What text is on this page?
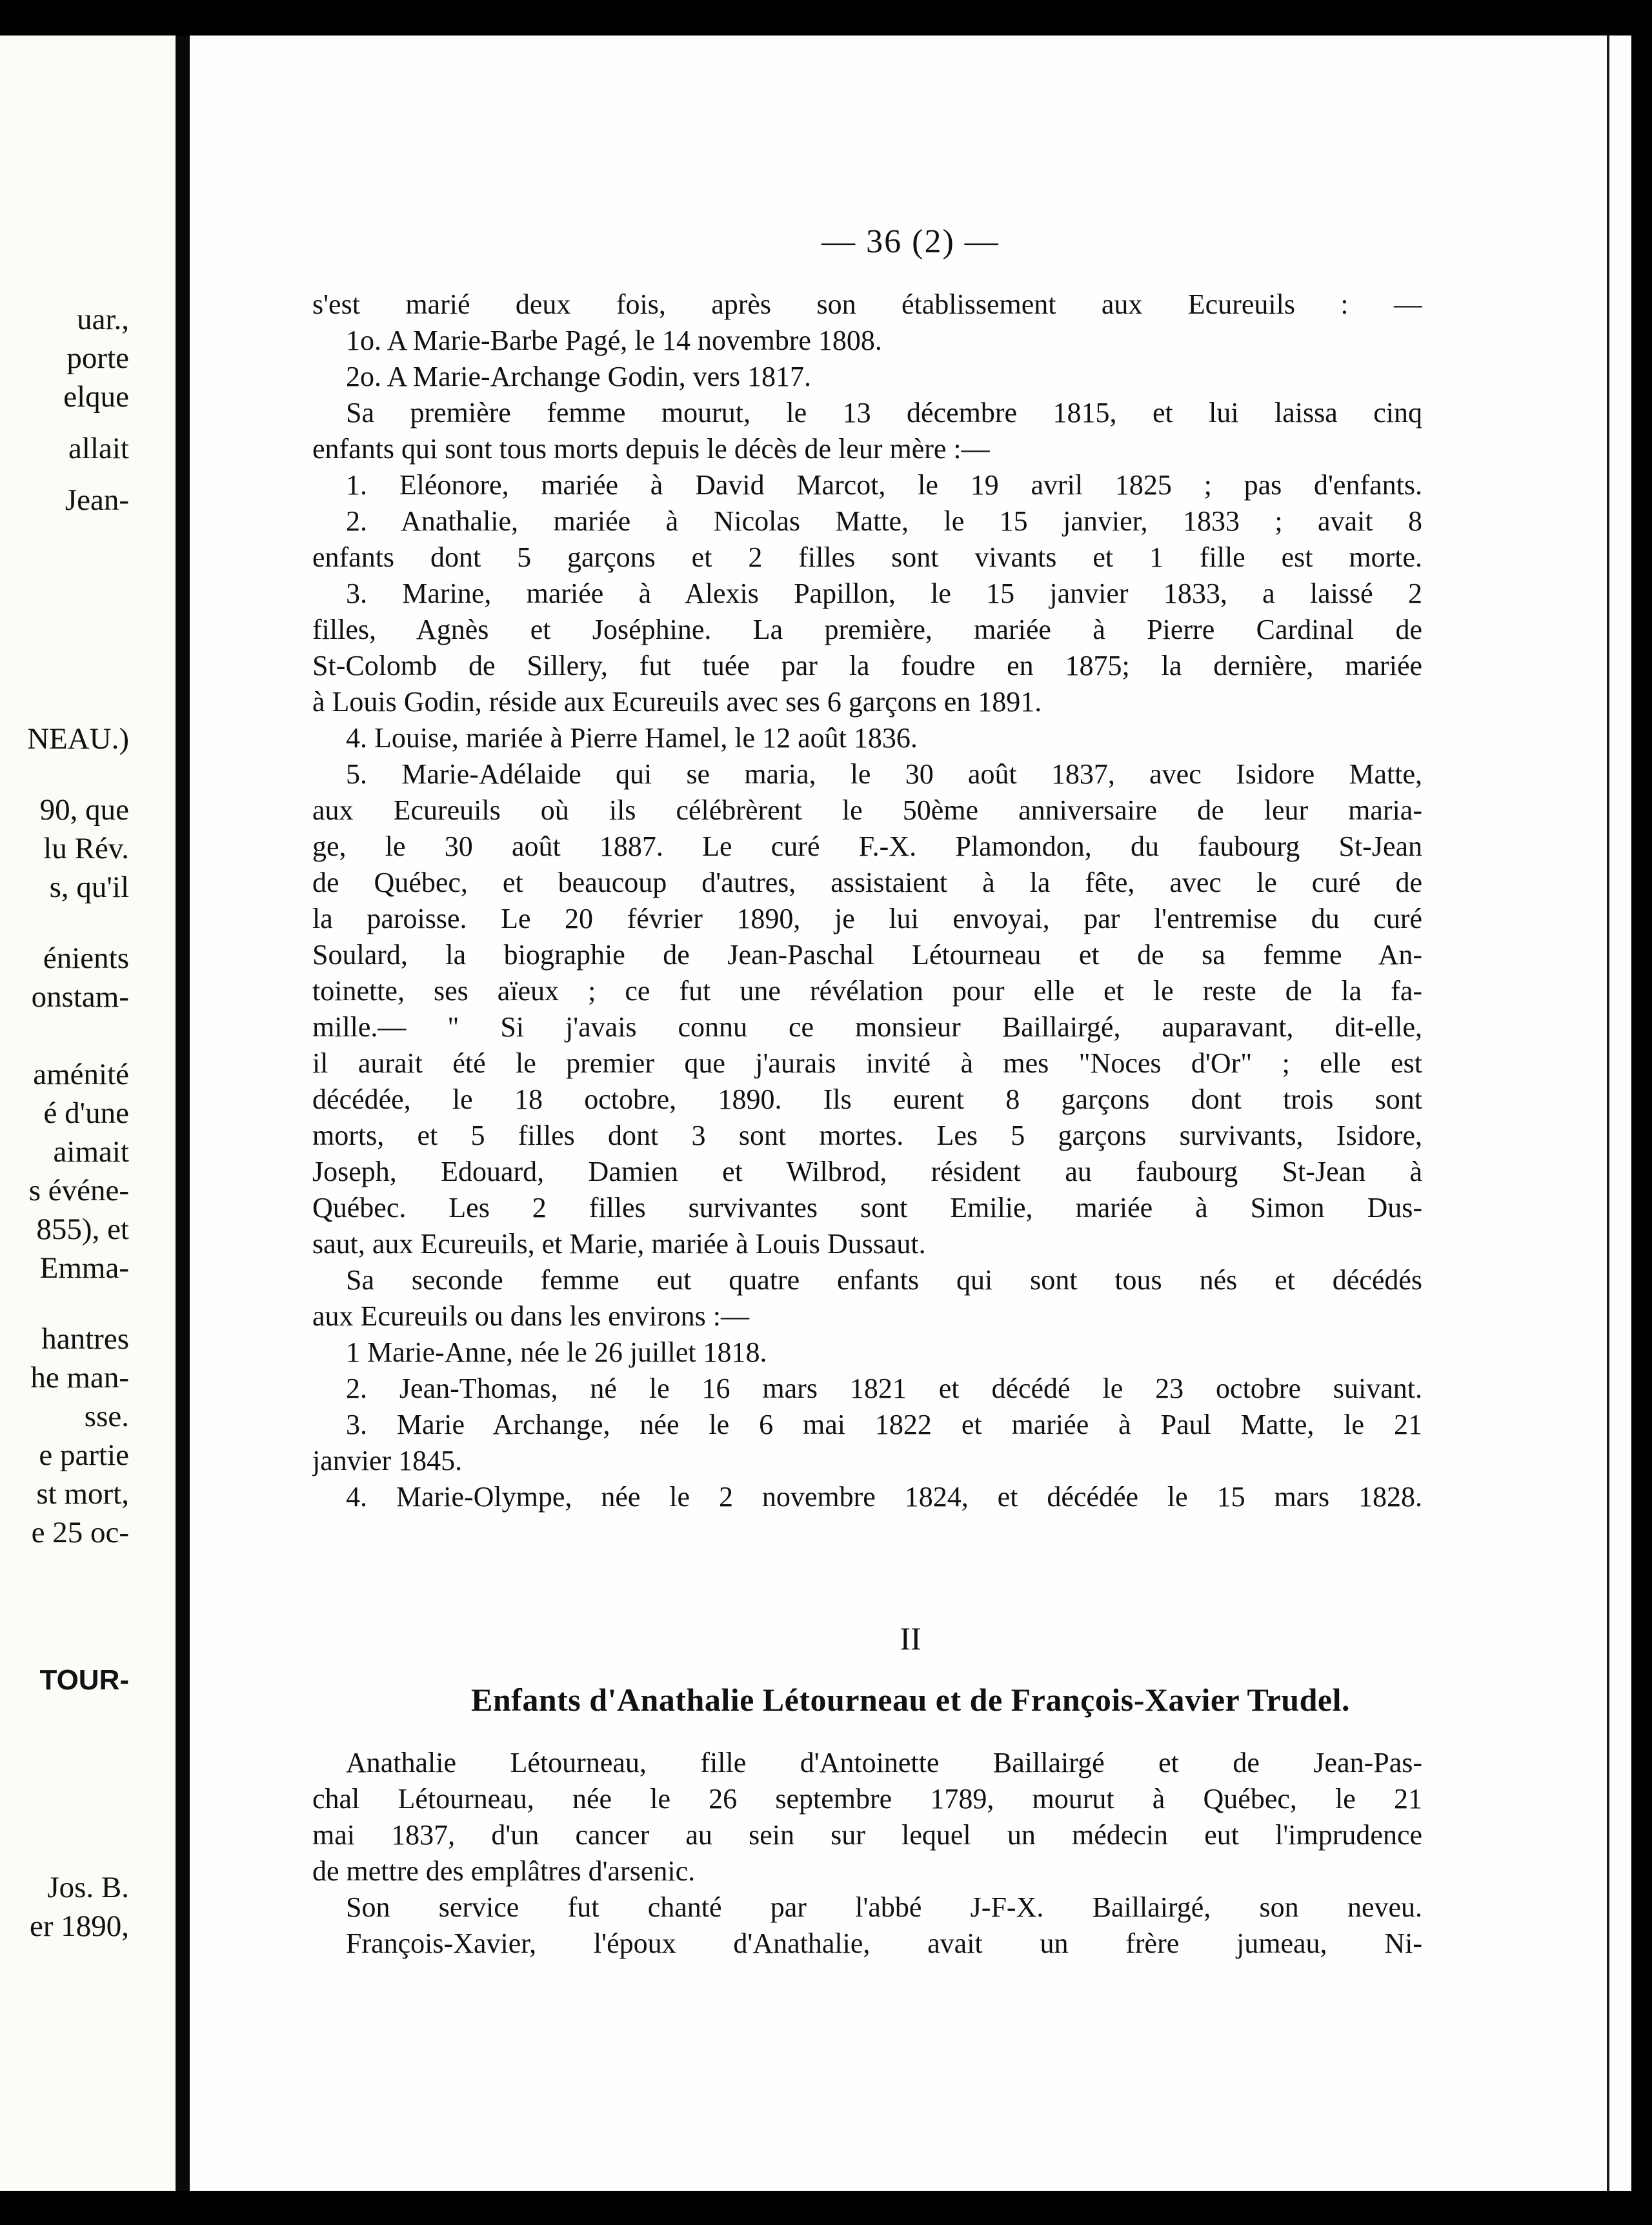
uar.,
porte
elque
allait
Jean-
NEAU.)
90, que
lu Rév.
s, qu'il
énients
onstam-
aménité
é d'une
aimait
s événe-
855), et
Emma-
hantres
he man-
sse.
e partie
st mort,
e 25 oc-
TOUR-
Jos. B.
er 1890,
— 36 (2) —
s'est marié deux fois, après son établissement aux Ecureuils : —
1o. A Marie-Barbe Pagé, le 14 novembre 1808.
2o. A Marie-Archange Godin, vers 1817.
Sa première femme mourut, le 13 décembre 1815, et lui laissa cinq
enfants qui sont tous morts depuis le décès de leur mère :—
1. Eléonore, mariée à David Marcot, le 19 avril 1825 ; pas d'enfants.
2. Anathalie, mariée à Nicolas Matte, le 15 janvier, 1833 ; avait 8
enfants dont 5 garçons et 2 filles sont vivants et 1 fille est morte.
3. Marine, mariée à Alexis Papillon, le 15 janvier 1833, a laissé 2
filles, Agnès et Joséphine. La première, mariée à Pierre Cardinal de
St-Colomb de Sillery, fut tuée par la foudre en 1875; la dernière, mariée
à Louis Godin, réside aux Ecureuils avec ses 6 garçons en 1891.
4. Louise, mariée à Pierre Hamel, le 12 août 1836.
5. Marie-Adélaide qui se maria, le 30 août 1837, avec Isidore Matte,
aux Ecureuils où ils célébrèrent le 50ème anniversaire de leur maria-
ge, le 30 août 1887. Le curé F.-X. Plamondon, du faubourg St-Jean
de Québec, et beaucoup d'autres, assistaient à la fête, avec le curé de
la paroisse. Le 20 février 1890, je lui envoyai, par l'entremise du curé
Soulard, la biographie de Jean-Paschal Létourneau et de sa femme An-
toinette, ses aïeux ; ce fut une révélation pour elle et le reste de la fa-
mille.— " Si j'avais connu ce monsieur Baillairgé, auparavant, dit-elle,
il aurait été le premier que j'aurais invité à mes "Noces d'Or" ; elle est
décédée, le 18 octobre, 1890. Ils eurent 8 garçons dont trois sont
morts, et 5 filles dont 3 sont mortes. Les 5 garçons survivants, Isidore,
Joseph, Edouard, Damien et Wilbrod, résident au faubourg St-Jean à
Québec. Les 2 filles survivantes sont Emilie, mariée à Simon Dus-
saut, aux Ecureuils, et Marie, mariée à Louis Dussaut.
Sa seconde femme eut quatre enfants qui sont tous nés et décédés
aux Ecureuils ou dans les environs :—
1 Marie-Anne, née le 26 juillet 1818.
2. Jean-Thomas, né le 16 mars 1821 et décédé le 23 octobre suivant.
3. Marie Archange, née le 6 mai 1822 et mariée à Paul Matte, le 21
janvier 1845.
4. Marie-Olympe, née le 2 novembre 1824, et décédée le 15 mars 1828.
II
Enfants d'Anathalie Létourneau et de François-Xavier Trudel.
Anathalie Létourneau, fille d'Antoinette Baillairgé et de Jean-Pas-
chal Létourneau, née le 26 septembre 1789, mourut à Québec, le 21
mai 1837, d'un cancer au sein sur lequel un médecin eut l'imprudence
de mettre des emplâtres d'arsenic.
Son service fut chanté par l'abbé J-F-X. Baillairgé, son neveu.
François-Xavier, l'époux d'Anathalie, avait un frère jumeau, Ni-
